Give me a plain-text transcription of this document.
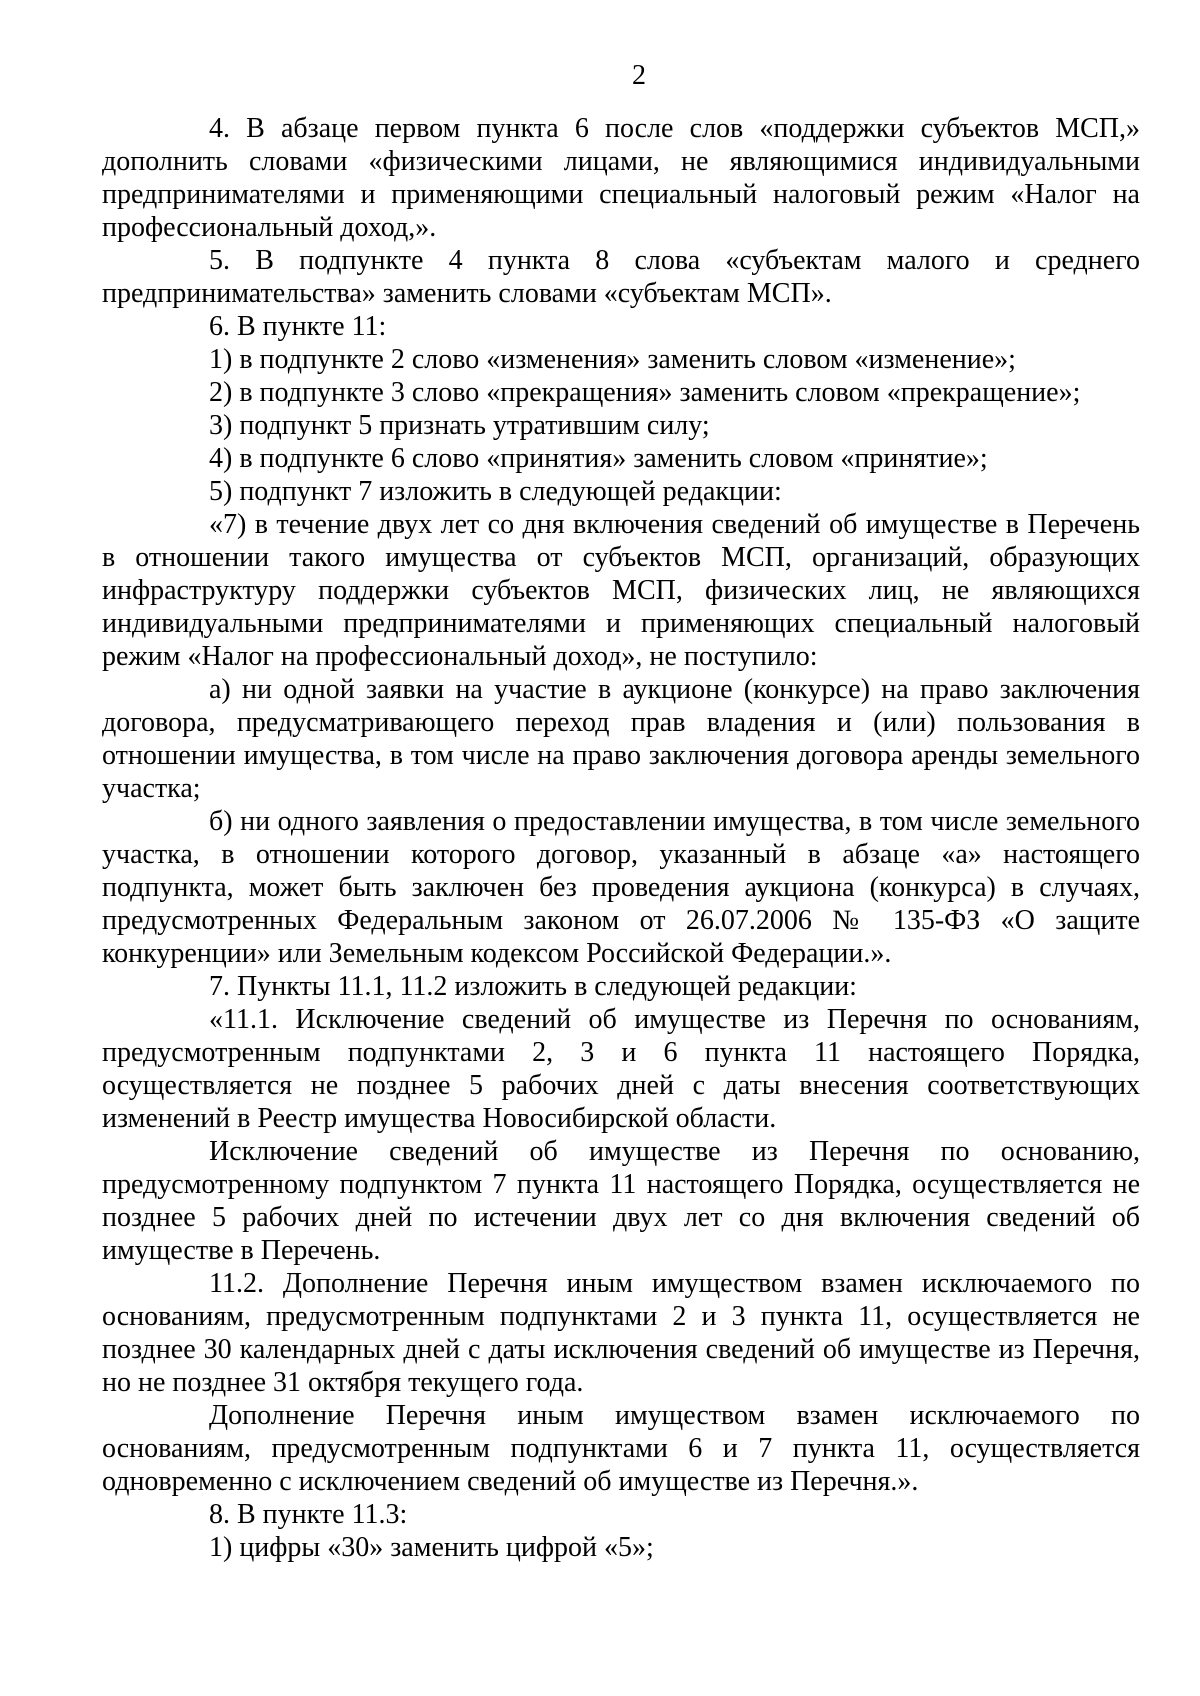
2

4. В абзаце первом пункта 6 после слов «поддержки субъектов МСП,» дополнить словами «физическими лицами, не являющимися индивидуальными предпринимателями и применяющими специальный налоговый режим «Налог на профессиональный доход,».

5. В подпункте 4 пункта 8 слова «субъектам малого и среднего предпринимательства» заменить словами «субъектам МСП».

6. В пункте 11:

1) в подпункте 2 слово «изменения» заменить словом «изменение»;

2) в подпункте 3 слово «прекращения» заменить словом «прекращение»;

3) подпункт 5 признать утратившим силу;

4) в подпункте 6 слово «принятия» заменить словом «принятие»;

5) подпункт 7 изложить в следующей редакции:

«7) в течение двух лет со дня включения сведений об имуществе в Перечень в отношении такого имущества от субъектов МСП, организаций, образующих инфраструктуру поддержки субъектов МСП, физических лиц, не являющихся индивидуальными предпринимателями и применяющих специальный налоговый режим «Налог на профессиональный доход», не поступило:

а) ни одной заявки на участие в аукционе (конкурсе) на право заключения договора, предусматривающего переход прав владения и (или) пользования в отношении имущества, в том числе на право заключения договора аренды земельного участка;

б) ни одного заявления о предоставлении имущества, в том числе земельного участка, в отношении которого договор, указанный в абзаце «а» настоящего подпункта, может быть заключен без проведения аукциона (конкурса) в случаях, предусмотренных Федеральным законом от 26.07.2006 № 135-ФЗ «О защите конкуренции» или Земельным кодексом Российской Федерации.».

7. Пункты 11.1, 11.2 изложить в следующей редакции:

«11.1. Исключение сведений об имуществе из Перечня по основаниям, предусмотренным подпунктами 2, 3 и 6 пункта 11 настоящего Порядка, осуществляется не позднее 5 рабочих дней с даты внесения соответствующих изменений в Реестр имущества Новосибирской области.

Исключение сведений об имуществе из Перечня по основанию, предусмотренному подпунктом 7 пункта 11 настоящего Порядка, осуществляется не позднее 5 рабочих дней по истечении двух лет со дня включения сведений об имуществе в Перечень.

11.2. Дополнение Перечня иным имуществом взамен исключаемого по основаниям, предусмотренным подпунктами 2 и 3 пункта 11, осуществляется не позднее 30 календарных дней с даты исключения сведений об имуществе из Перечня, но не позднее 31 октября текущего года.

Дополнение Перечня иным имуществом взамен исключаемого по основаниям, предусмотренным подпунктами 6 и 7 пункта 11, осуществляется одновременно с исключением сведений об имуществе из Перечня.».

8. В пункте 11.3:

1) цифры «30» заменить цифрой «5»;
